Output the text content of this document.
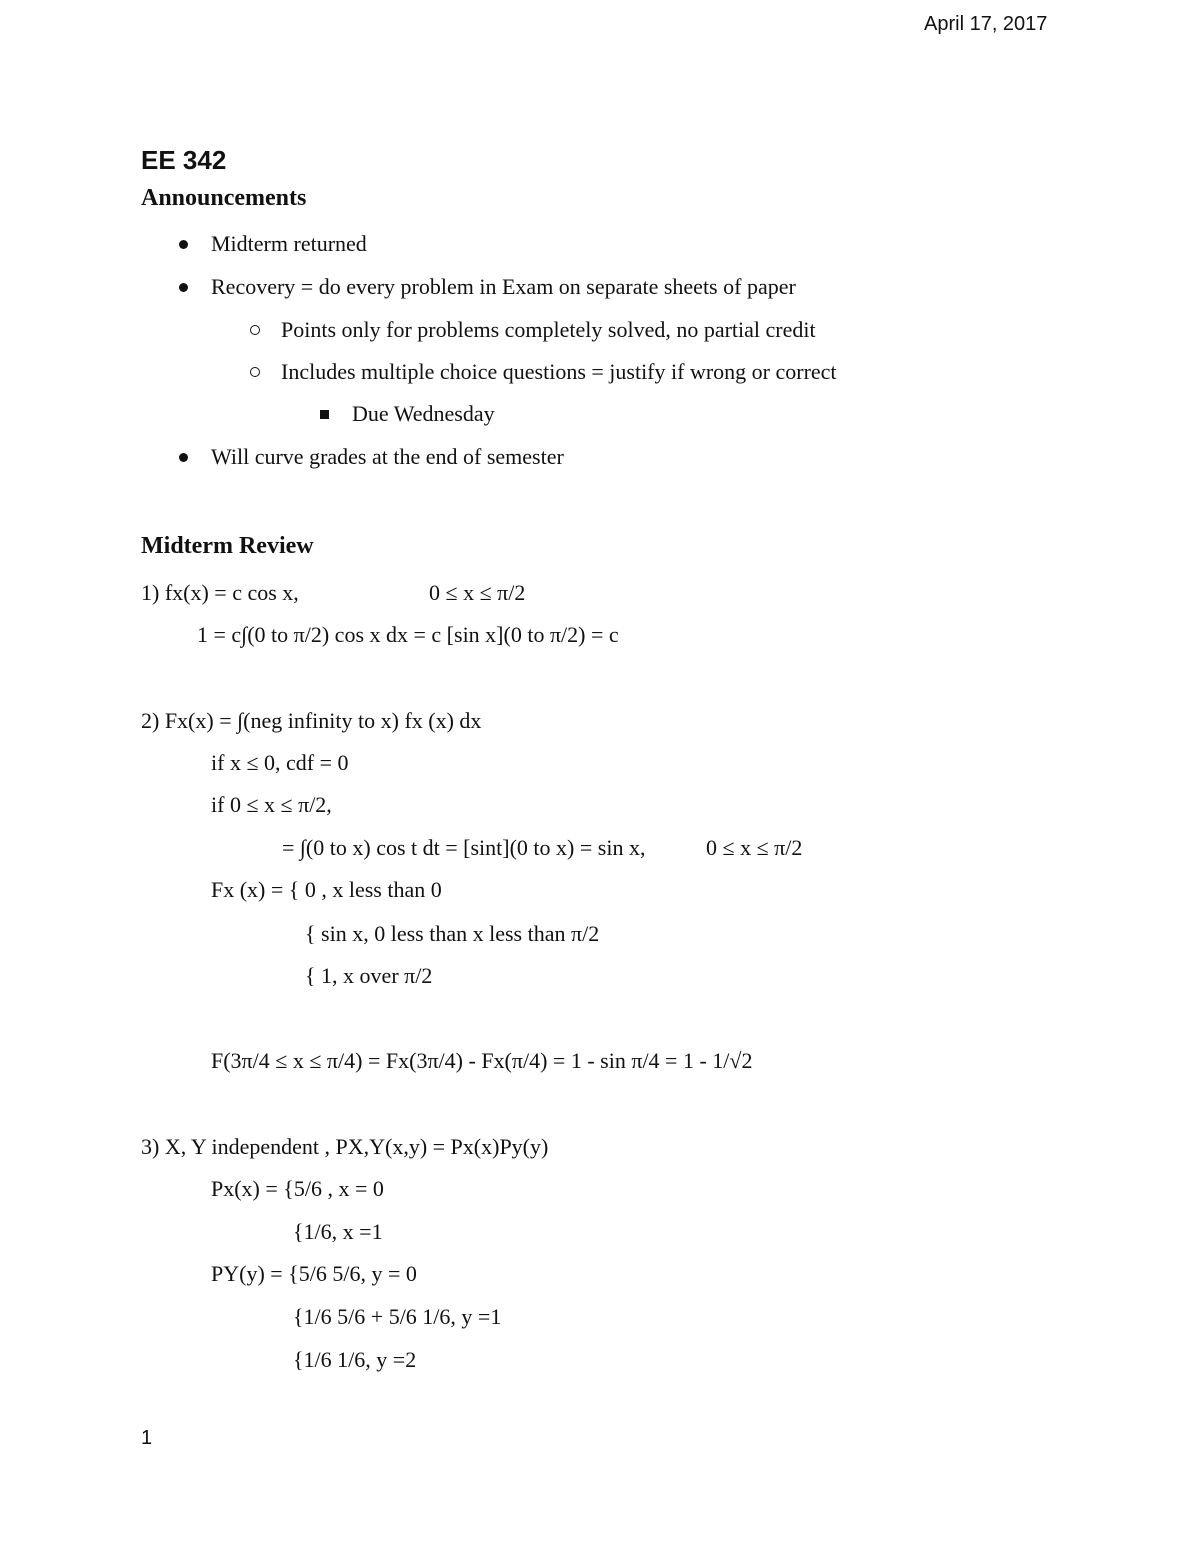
April 17, 2017
EE 342
Announcements
Midterm returned
Recovery = do every problem in Exam on separate sheets of paper
Points only for problems completely solved, no partial credit
Includes multiple choice questions = justify if wrong or correct
Due Wednesday
Will curve grades at the end of semester
Midterm Review
1) fx(x) = c cos x,	0 ≤ x ≤ π/2
1 = c∫(0 to π/2) cos x dx = c [sin x](0 to π/2) = c
2) Fx(x) = ∫(neg infinity to x) fx (x) dx
if x ≤ 0, cdf = 0
if 0 ≤ x ≤ π/2,
= ∫(0 to x) cos t dt = [sint](0 to x) = sin x,	0 ≤ x ≤ π/2
Fx (x) = { 0 , x less than 0
{ sin x, 0 less than x less than π/2
{ 1, x over π/2
F(3π/4 ≤ x ≤ π/4) = Fx(3π/4) - Fx(π/4) = 1 - sin π/4 = 1 - 1/√2
3) X, Y independent , PX,Y(x,y) = Px(x)Py(y)
Px(x) = {5/6 , x = 0
{1/6, x =1
PY(y) = {5/6 5/6, y = 0
{1/6 5/6 + 5/6 1/6, y =1
{1/6 1/6, y =2
1
